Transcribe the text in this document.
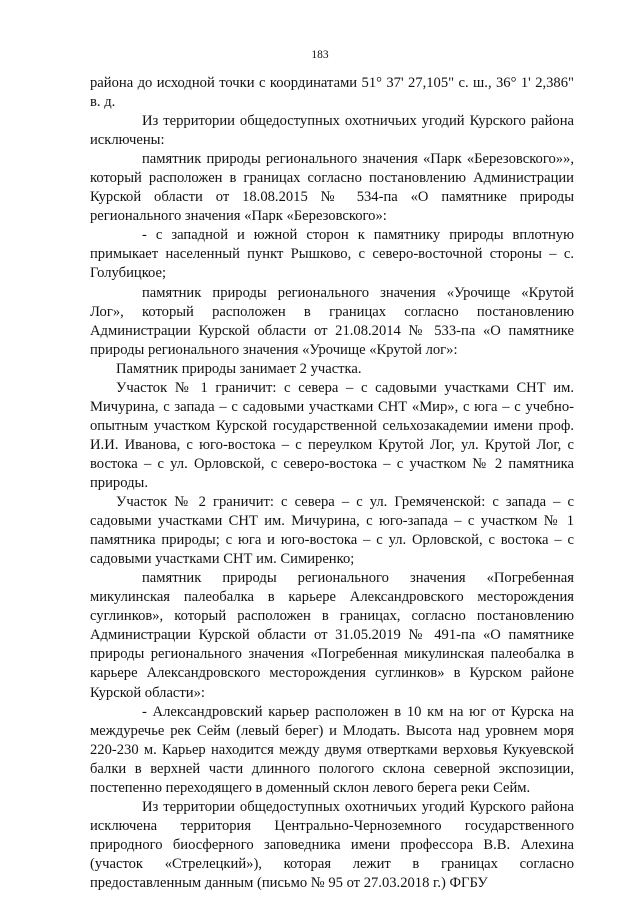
183

района до исходной точки с координатами 51° 37' 27,105" с. ш., 36° 1' 2,386" в. д.

Из территории общедоступных охотничьих угодий Курского района исключены:

памятник природы регионального значения «Парк «Березовского»», который расположен в границах согласно постановлению Администрации Курской области от 18.08.2015 № 534-па «О памятнике природы регионального значения «Парк «Березовского»:

- с западной и южной сторон к памятнику природы вплотную примыкает населенный пункт Рышково, с северо-восточной стороны – с. Голубицкое;

памятник природы регионального значения «Урочище «Крутой Лог», который расположен в границах согласно постановлению Администрации Курской области от 21.08.2014 № 533-па «О памятнике природы регионального значения «Урочище «Крутой лог»:

Памятник природы занимает 2 участка.

Участок № 1 граничит: с севера – с садовыми участками СНТ им. Мичурина, с запада – с садовыми участками СНТ «Мир», с юга – с учебно-опытным участком Курской государственной сельхозакадемии имени проф. И.И. Иванова, с юго-востока – с переулком Крутой Лог, ул. Крутой Лог, с востока – с ул. Орловской, с северо-востока – с участком № 2 памятника природы.

Участок № 2 граничит: с севера – с ул. Гремяченской: с запада – с садовыми участками СНТ им. Мичурина, с юго-запада – с участком № 1 памятника природы; с юга и юго-востока – с ул. Орловской, с востока – с садовыми участками СНТ им. Симиренко;

памятник природы регионального значения «Погребенная микулинская палеобалка в карьере Александровского месторождения суглинков», который расположен в границах, согласно постановлению Администрации Курской области от 31.05.2019 № 491-па «О памятнике природы регионального значения «Погребенная микулинская палеобалка в карьере Александровского месторождения суглинков» в Курском районе Курской области»:

- Александровский карьер расположен в 10 км на юг от Курска на междуречье рек Сейм (левый берег) и Млодать. Высота над уровнем моря 220-230 м. Карьер находится между двумя отвертками верховья Кукуевской балки в верхней части длинного пологого склона северной экспозиции, постепенно переходящего в доменный склон левого берега реки Сейм.

Из территории общедоступных охотничьих угодий Курского района исключена территория Центрально-Черноземного государственного природного биосферного заповедника имени профессора В.В. Алехина (участок «Стрелецкий»), которая лежит в границах согласно предоставленным данным (письмо № 95 от 27.03.2018 г.) ФГБУ
